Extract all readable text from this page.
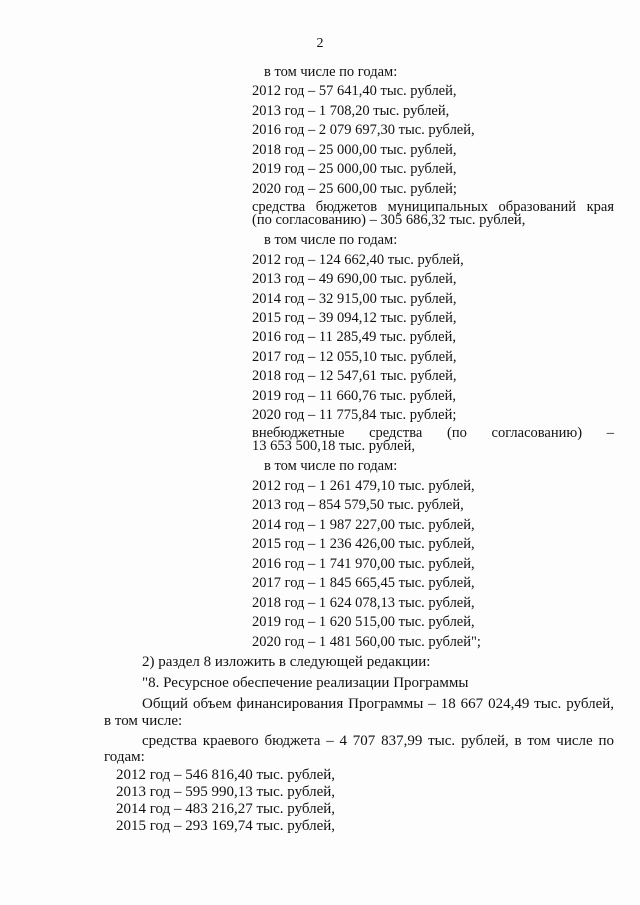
2
в том числе по годам:
2012 год – 57 641,40 тыс. рублей,
2013 год – 1 708,20 тыс. рублей,
2016 год – 2 079 697,30 тыс. рублей,
2018 год – 25 000,00 тыс. рублей,
2019 год – 25 000,00 тыс. рублей,
2020 год – 25 600,00 тыс. рублей;
средства бюджетов муниципальных образований края
(по согласованию) – 305 686,32 тыс. рублей,
в том числе по годам:
2012 год – 124 662,40 тыс. рублей,
2013 год – 49 690,00 тыс. рублей,
2014 год – 32 915,00 тыс. рублей,
2015 год – 39 094,12 тыс. рублей,
2016 год – 11 285,49 тыс. рублей,
2017 год – 12 055,10 тыс. рублей,
2018 год – 12 547,61 тыс. рублей,
2019 год – 11 660,76 тыс. рублей,
2020 год – 11 775,84 тыс. рублей;
внебюджетные средства (по согласованию) –
13 653 500,18 тыс. рублей,
в том числе по годам:
2012 год – 1 261 479,10 тыс. рублей,
2013 год – 854 579,50 тыс. рублей,
2014 год – 1 987 227,00 тыс. рублей,
2015 год – 1 236 426,00 тыс. рублей,
2016 год – 1 741 970,00 тыс. рублей,
2017 год – 1 845 665,45 тыс. рублей,
2018 год – 1 624 078,13 тыс. рублей,
2019 год – 1 620 515,00 тыс. рублей,
2020 год – 1 481 560,00 тыс. рублей";
2) раздел 8 изложить в следующей редакции:
"8. Ресурсное обеспечение реализации Программы
Общий объем финансирования Программы – 18 667 024,49 тыс. рублей,
в том числе:
средства краевого бюджета – 4 707 837,99 тыс. рублей, в том числе по
годам:
2012 год – 546 816,40 тыс. рублей,
2013 год – 595 990,13 тыс. рублей,
2014 год – 483 216,27 тыс. рублей,
2015 год – 293 169,74 тыс. рублей,
